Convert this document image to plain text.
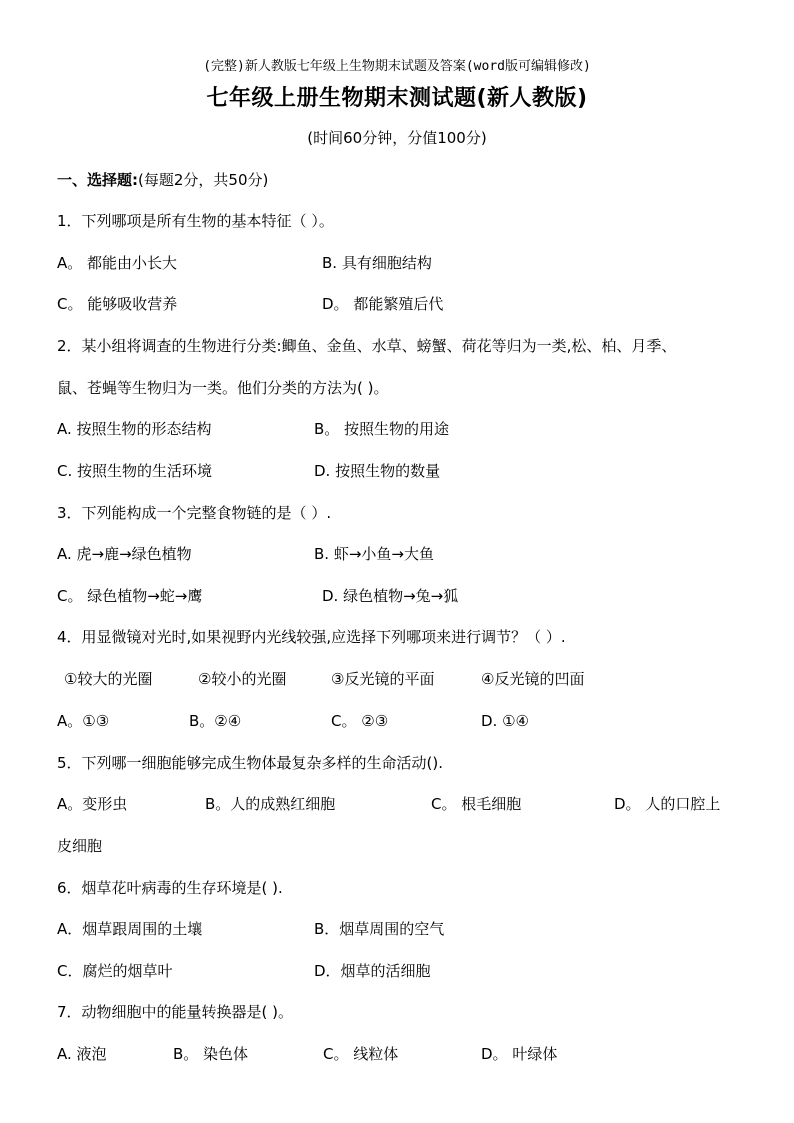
(完整)新人教版七年级上生物期末试题及答案(word版可编辑修改)
七年级上册生物期末测试题(新人教版)
(时间60分钟，分值100分)
一、选择题:(每题2分，共50分)
1．下列哪项是所有生物的基本特征（ ）。
A。 都能由小长大	B. 具有细胞结构
C。 能够吸收营养	D。 都能繁殖后代
2．某小组将调查的生物进行分类:鲫鱼、金鱼、水草、螃蟹、荷花等归为一类,松、柏、月季、
鼠、苍蝇等生物归为一类。他们分类的方法为( )。
A. 按照生物的形态结构	B。 按照生物的用途
C. 按照生物的生活环境	D. 按照生物的数量
3．下列能构成一个完整食物链的是（ ）.
A. 虎→鹿→绿色植物	B. 虾→小鱼→大鱼
C。 绿色植物→蛇→鹰	D. 绿色植物→兔→狐
4．用显微镜对光时,如果视野内光线较强,应选择下列哪项来进行调节？（ ）.
①较大的光圈	②较小的光圈	③反光镜的平面	④反光镜的凹面
A。①③	B。②④	C。 ②③	D. ①④
5．下列哪一细胞能够完成生物体最复杂多样的生命活动().
A。变形虫	B。人的成熟红细胞	C。 根毛细胞	D。 人的口腔上
皮细胞
6．烟草花叶病毒的生存环境是( ).
A．烟草跟周围的土壤	B．烟草周围的空气
C．腐烂的烟草叶	D．烟草的活细胞
7．动物细胞中的能量转换器是( )。
A. 液泡	B。 染色体	C。 线粒体	D。 叶绿体
